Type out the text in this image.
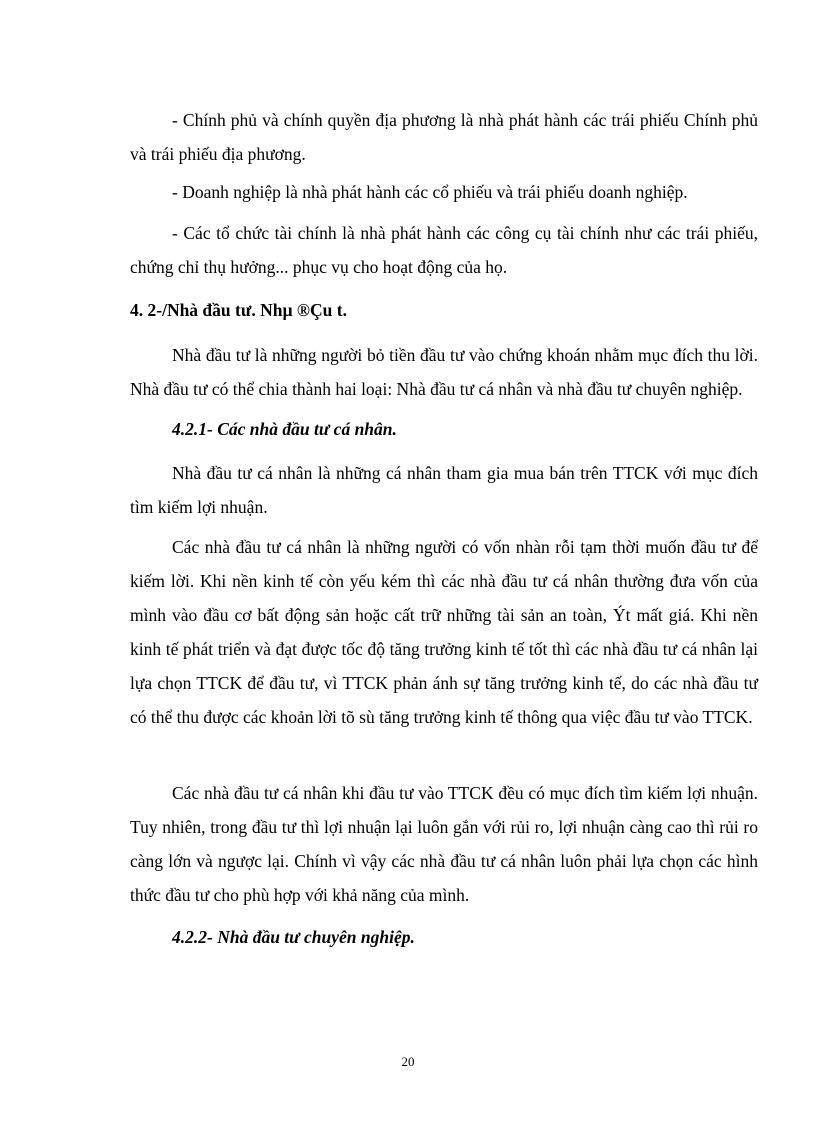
- Chính phủ và chính quyền địa phương là nhà phát hành các trái phiếu Chính phủ và trái phiếu địa phương.

- Doanh nghiệp là nhà phát hành các cổ phiếu và trái phiếu doanh nghiệp.

- Các tổ chức tài chính là nhà phát hành các công cụ tài chính như các trái phiếu, chứng chỉ thụ hưởng... phục vụ cho hoạt động của họ.

4. 2-/Nhà đầu tư. Nhµ ®Çu t.

Nhà đầu tư là những người bỏ tiền đầu tư vào chứng khoán nhằm mục đích thu lời. Nhà đầu tư có thể chia thành hai loại: Nhà đầu tư cá nhân và nhà đầu tư chuyên nghiệp.

4.2.1- Các nhà đầu tư cá nhân.

Nhà đầu tư cá nhân là những cá nhân tham gia mua bán trên TTCK với mục đích tìm kiếm lợi nhuận.

Các nhà đầu tư cá nhân là những người có vốn nhàn rỗi tạm thời muốn đầu tư để kiếm lời. Khi nền kinh tế còn yếu kém thì các nhà đầu tư cá nhân thường đưa vốn của mình vào đầu cơ bất động sản hoặc cất trữ những tài sản an toàn, Ýt mất giá. Khi nền kinh tế phát triển và đạt được tốc độ tăng trưởng kinh tế tốt thì các nhà đầu tư cá nhân lại lựa chọn TTCK để đầu tư, vì TTCK phản ánh sự tăng trưởng kinh tế, do các nhà đầu tư có thể thu được các khoản lời tõ sù tăng trưởng kinh tế thông qua việc đầu tư vào TTCK.

Các nhà đầu tư cá nhân khi đầu tư vào TTCK đều có mục đích tìm kiếm lợi nhuận. Tuy nhiên, trong đầu tư thì lợi nhuận lại luôn gắn với rủi ro, lợi nhuận càng cao thì rủi ro càng lớn và ngược lại. Chính vì vậy các nhà đầu tư cá nhân luôn phải lựa chọn các hình thức đầu tư cho phù hợp với khả năng của mình.

4.2.2- Nhà đầu tư chuyên nghiệp.

20
